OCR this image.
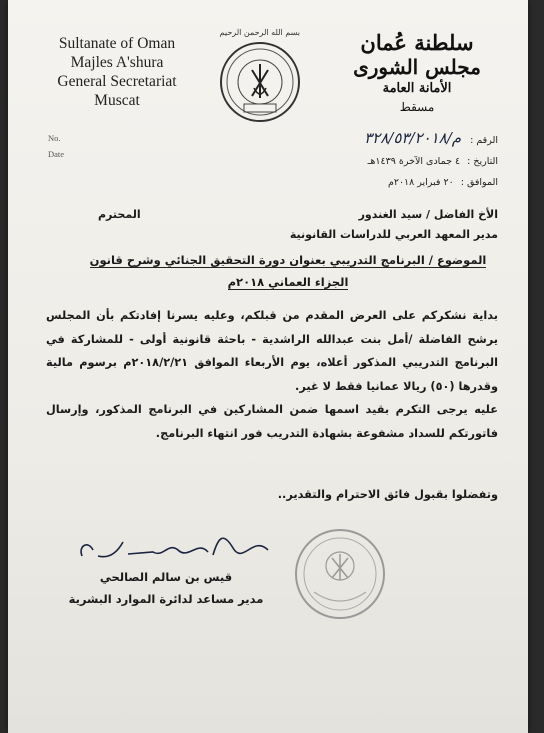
Sultanate of Oman
Majles A'shura
General Secretariat
Muscat
No.
Date
بسم الله الرحمن الرحيم	سلطنة عُمان
مجلس الشورى
الأمانة العامة
مسقط
الرقم : م/٣٢٨/٥٣/٢٠١٨
التاريخ : ٤ جمادى الآخرة ١٤٣٩هـ
الموافق : ٢٠ فبراير ٢٠١٨م
الأخ الفاضل / سيد الغندور
المحترم
مدير المعهد العربي للدراسات القانونية
الموضوع / البرنامج التدريبي بعنوان دورة التحقيق الجنائي وشرح قانون
الجزاء العماني ٢٠١٨م

بداية نشكركم على العرض المقدم من قبلكم، وعليه يسرنا إفادتكم بأن المجلس يرشح الفاضلة /أمل بنت عبدالله الراشدية - باحثة قانونية أولى - للمشاركة في البرنامج التدريبي المذكور أعلاه، يوم الأربعاء الموافق ٢٠١٨/٢/٢١م برسوم مالية وقدرها (٥٠) ريالا عمانيا فقط لا غير.

عليه يرجى التكرم بقيد اسمها ضمن المشاركين في البرنامج المذكور، وإرسال فاتورتكم للسداد مشفوعة بشهادة التدريب فور انتهاء البرنامج.

وتفضلوا بقبول فائق الاحترام والتقدير..
قيس بن سالم الصالحي
مدير مساعد لدائرة الموارد البشرية
